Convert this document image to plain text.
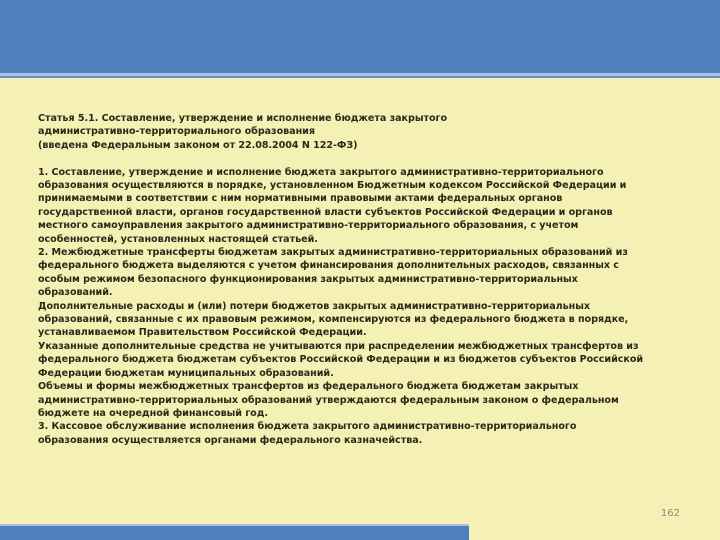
Статья 5.1. Составление, утверждение и исполнение бюджета закрытого

административно-территориального образования

(введена Федеральным законом от 22.08.2004 N 122-ФЗ)

1. Составление, утверждение и исполнение бюджета закрытого административно-территориального

образования осуществляются в порядке, установленном Бюджетным кодексом Российской Федерации и

принимаемыми в соответствии с ним нормативными правовыми актами федеральных органов

государственной власти, органов государственной власти субъектов Российской Федерации и органов

местного самоуправления закрытого административно-территориального образования, с учетом

особенностей, установленных настоящей статьей.

2. Межбюджетные трансферты бюджетам закрытых административно-территориальных образований из

федерального бюджета выделяются с учетом финансирования дополнительных расходов, связанных с

особым режимом безопасного функционирования закрытых административно-территориальных

образований.

Дополнительные расходы и (или) потери бюджетов закрытых административно-территориальных

образований, связанные с их правовым режимом, компенсируются из федерального бюджета в порядке,

устанавливаемом Правительством Российской Федерации.

Указанные дополнительные средства не учитываются при распределении межбюджетных трансфертов из

федерального бюджета бюджетам субъектов Российской Федерации и из бюджетов субъектов Российской

Федерации бюджетам муниципальных образований.

Объемы и формы межбюджетных трансфертов из федерального бюджета бюджетам закрытых

административно-территориальных образований утверждаются федеральным законом о федеральном

бюджете на очередной финансовый год.

3. Кассовое обслуживание исполнения бюджета закрытого административно-территориального

образования осуществляется органами федерального казначейства.

162
